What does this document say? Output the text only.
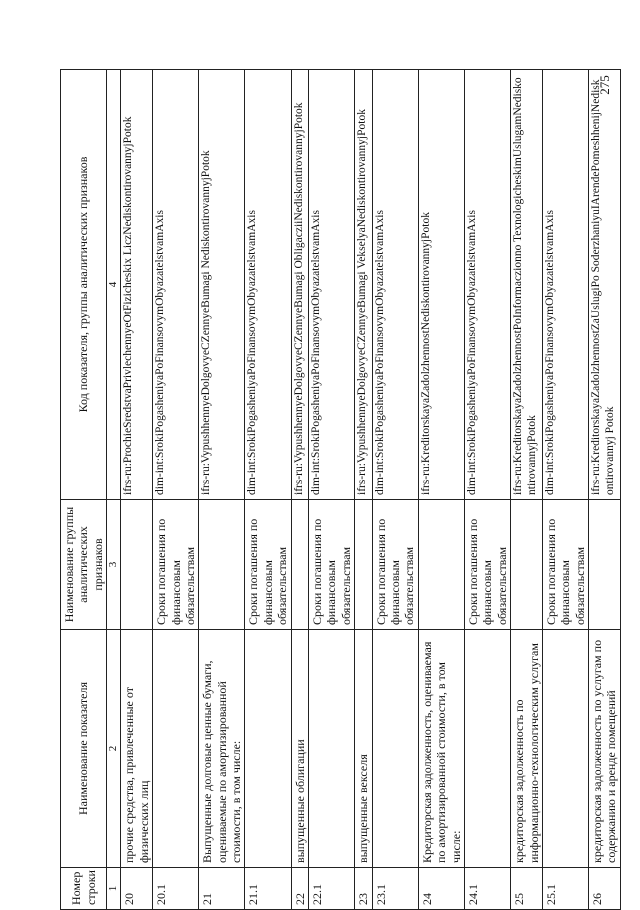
275
Номер строки	Наименование показателя	Наименование группы аналитических признаков	Код показателя, группы аналитических признаков
1	2	3	4
20	прочие средства, привлеченные от физических лиц		ifrs-ru:ProchieSredstvaPrivlechennyeOtFizicheskix LiczNediskontirovannyjPotok
20.1		Сроки погашения по финансовым обязательствам	dim-int:SrokiPogasheniyaPoFinansovymObyazatelstvamAxis
21	Выпущенные долговые ценные бумаги, оцениваемые по амортизированной стоимости, в том числе:		ifrs-ru:VypushhennyeDolgovyeCZennyeBumagi NediskontirovannyjPotok
21.1		Сроки погашения по финансовым обязательствам	dim-int:SrokiPogasheniyaPoFinansovymObyazatelstvamAxis
22	выпущенные облигации		ifrs-ru:VypushhennyeDolgovyeCZennyeBumagi ObligacziiNediskontirovannyjPotok
22.1		Сроки погашения по финансовым обязательствам	dim-int:SrokiPogasheniyaPoFinansovymObyazatelstvamAxis
23	выпущенные векселя		ifrs-ru:VypushhennyeDolgovyeCZennyeBumagi VekselyaNediskontirovannyjPotok
23.1		Сроки погашения по финансовым обязательствам	dim-int:SrokiPogasheniyaPoFinansovymObyazatelstvamAxis
24	Кредиторская задолженность, оцениваемая по амортизированной стоимости, в том числе:		ifrs-ru:KreditorskayaZadolzhennostNediskontirovannyjPotok
24.1		Сроки погашения по финансовым обязательствам	dim-int:SrokiPogasheniyaPoFinansovymObyazatelstvamAxis
25	кредиторская задолженность по информационно-технологическим услугам		ifrs-ru:KreditorskayaZadolzhennostPoInformaczionno TexnologicheskimUslugamNediskontirovannyjPotok
25.1		Сроки погашения по финансовым обязательствам	dim-int:SrokiPogasheniyaPoFinansovymObyazatelstvamAxis
26	кредиторская задолженность по услугам по содержанию и аренде помещений		ifrs-ru:KreditorskayaZadolzhennostZaUslugiPo SoderzhaniyuIArendePomeshhenijNediskontirovannyj Potok
